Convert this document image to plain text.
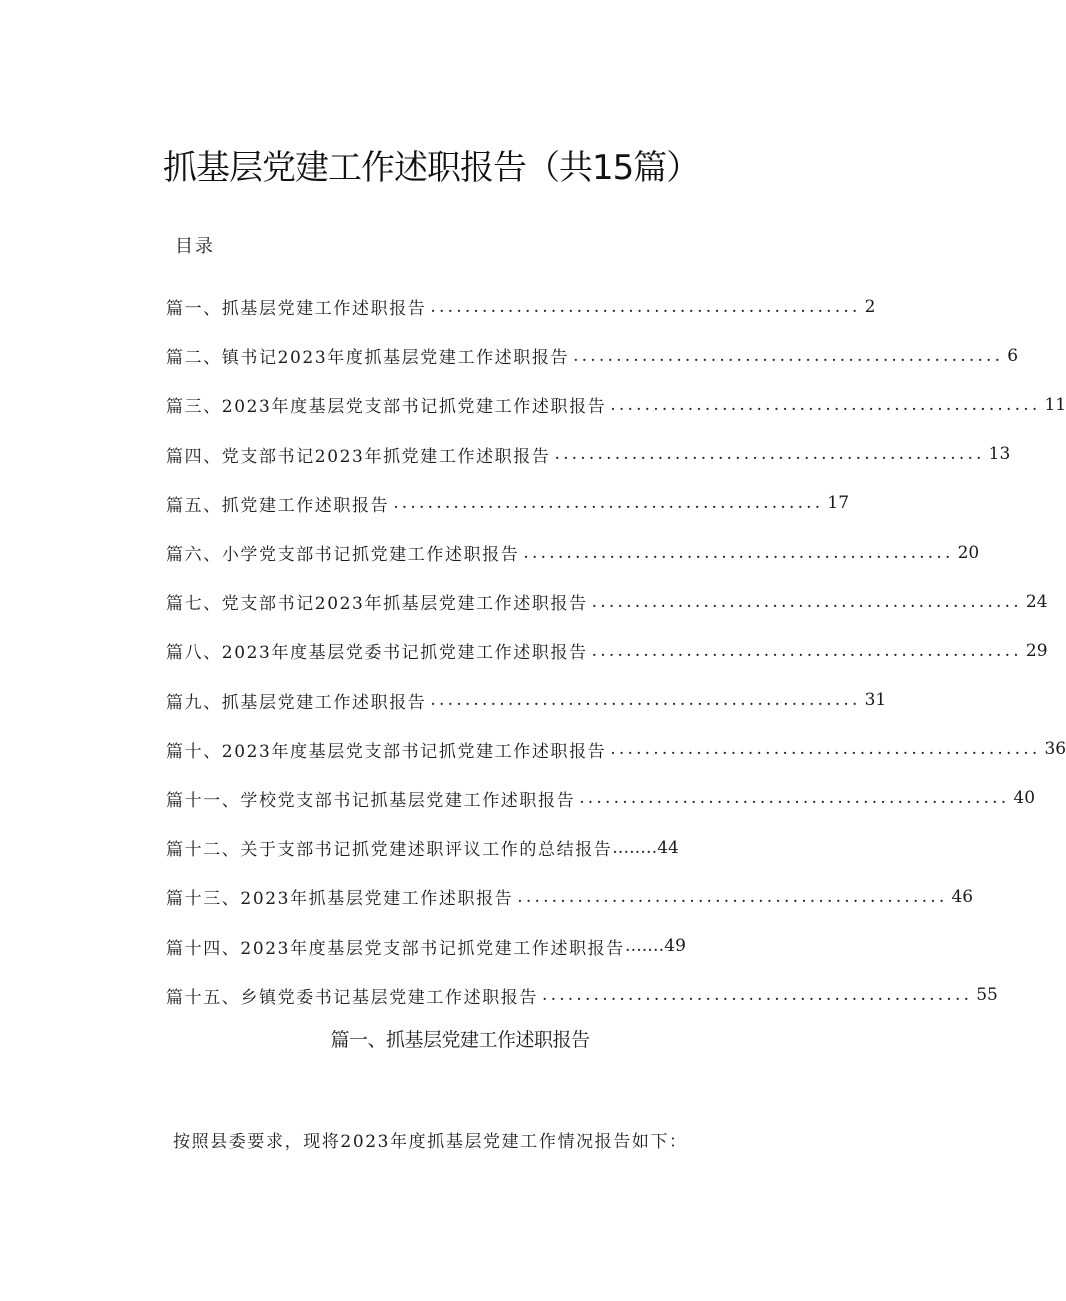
抓基层党建工作述职报告（共15篇）
目录
篇一、抓基层党建工作述职报告 .................................................. 2
篇二、镇书记2023年度抓基层党建工作述职报告 .................................................. 6
篇三、2023年度基层党支部书记抓党建工作述职报告 .................................................. 11
篇四、党支部书记2023年抓党建工作述职报告 .................................................. 13
篇五、抓党建工作述职报告 .................................................. 17
篇六、小学党支部书记抓党建工作述职报告 .................................................. 20
篇七、党支部书记2023年抓基层党建工作述职报告 .................................................. 24
篇八、2023年度基层党委书记抓党建工作述职报告 .................................................. 29
篇九、抓基层党建工作述职报告 .................................................. 31
篇十、2023年度基层党支部书记抓党建工作述职报告 .................................................. 36
篇十一、学校党支部书记抓基层党建工作述职报告 .................................................. 40
篇十二、关于支部书记抓党建述职评议工作的总结报告 .….… 44
篇十三、2023年抓基层党建工作述职报告 .................................................. 46
篇十四、2023年度基层党支部书记抓党建工作述职报告 ….… 49
篇十五、乡镇党委书记基层党建工作述职报告 .................................................. 55
篇一、抓基层党建工作述职报告
按照县委要求，现将2023年度抓基层党建工作情况报告如下：
